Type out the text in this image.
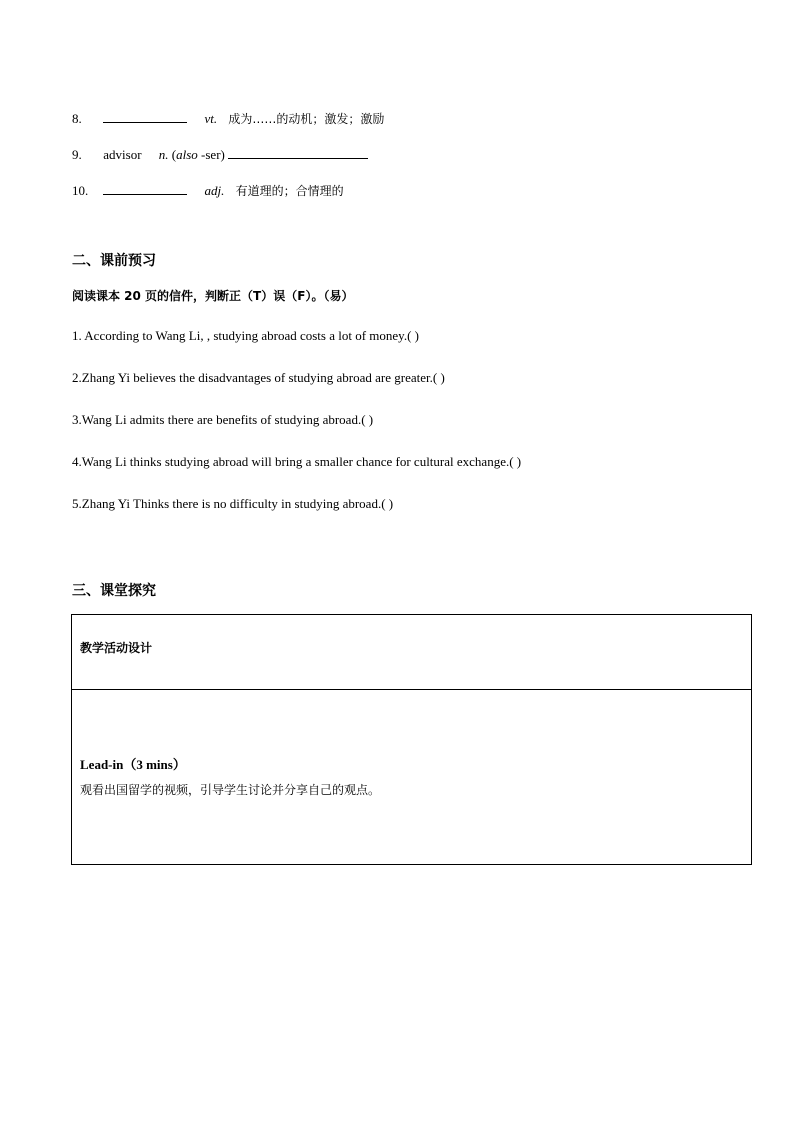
8.	vt. 成为……的动机；激发；激励
9. advisor n. (also -ser)
10.	adj. 有道理的；合情理的
二、课前预习
阅读课本 20 页的信件，判断正（T）误（F）。（易）
1. According to Wang Li, , studying abroad costs a lot of money.( )
2.Zhang Yi believes the disadvantages of studying abroad are greater.( )
3.Wang Li admits there are benefits of studying abroad.( )
4.Wang Li thinks studying abroad will bring a smaller chance for cultural exchange.( )
5.Zhang Yi Thinks there is no difficulty in studying abroad.( )
三、课堂探究
教学活动设计

Lead-in（3 mins）
观看出国留学的视频，引导学生讨论并分享自己的观点。
